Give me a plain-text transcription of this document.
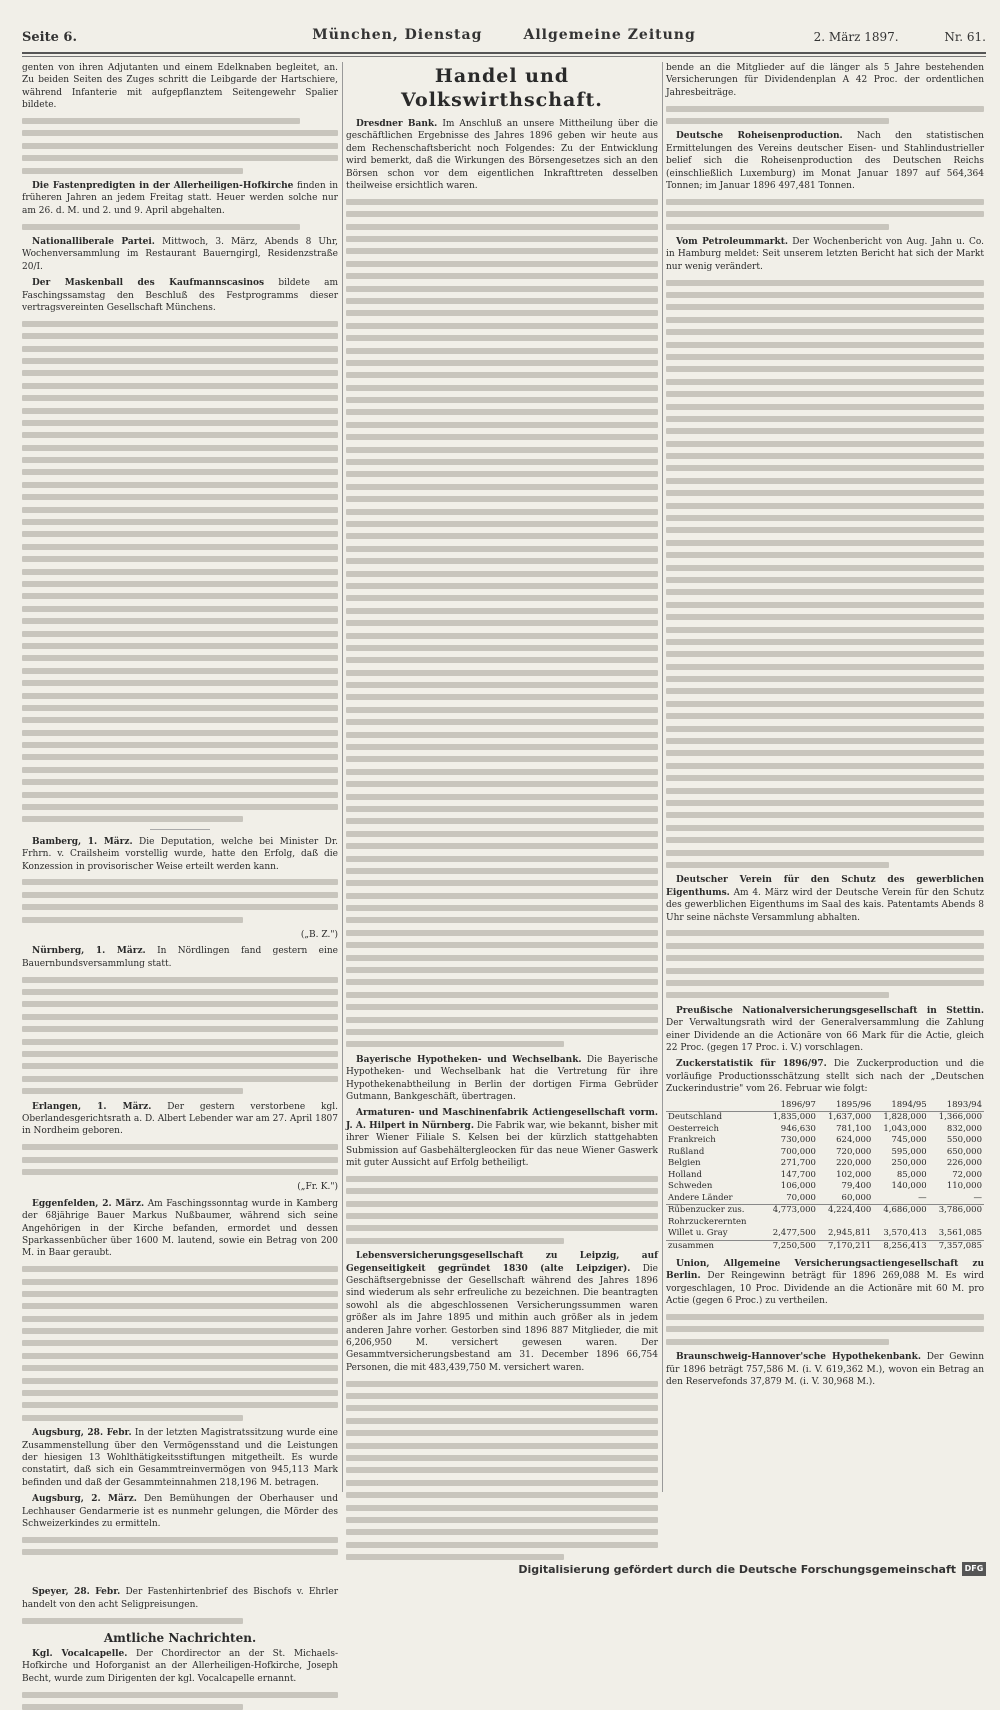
Seite 6.	München, Dienstag	Allgemeine Zeitung	2. März 1897.	Nr. 61.

genten von ihren Adjutanten und einem Edelknaben begleitet, an. Zu beiden Seiten des Zuges schritt die Leibgarde der Hartschiere, während Infanterie mit aufgepflanztem Seitengewehr Spalier bildete.

Die Fastenpredigten in der Allerheiligen-Hofkirche finden in früheren Jahren an jedem Freitag statt. Heuer werden solche nur am 26. d. M. und 2. und 9. April abgehalten.

Nationalliberale Partei. Mittwoch, 3. März, Abends 8 Uhr, Wochenversammlung im Restaurant Bauerngirgl, Residenzstraße 20/I.

Der Maskenball des Kaufmannscasinos bildete am Faschingssamstag den Beschluß des Festprogramms dieser vertragsvereinten Gesellschaft Münchens.

Bamberg, 1. März. Die Deputation, welche bei Minister Dr. Frhrn. v. Crailsheim vorstellig wurde, hatte den Erfolg, daß die Konzession in provisorischer Weise erteilt werden kann.

(„B. Z.")

Nürnberg, 1. März. In Nördlingen fand gestern eine Bauernbundsversammlung statt.

Erlangen, 1. März. Der gestern verstorbene kgl. Oberlandesgerichtsrath a. D. Albert Lebender war am 27. April 1807 in Nordheim geboren.

(„Fr. K.")

Eggenfelden, 2. März. Am Faschingssonntag wurde in Kamberg der 68jährige Bauer Markus Nußbaumer, während sich seine Angehörigen in der Kirche befanden, ermordet und dessen Sparkassenbücher über 1600 M. lautend, sowie ein Betrag von 200 M. in Baar geraubt.

Augsburg, 28. Febr. In der letzten Magistratssitzung wurde eine Zusammenstellung über den Vermögensstand und die Leistungen der hiesigen 13 Wohlthätigkeitsstiftungen mitgetheilt. Es wurde constatirt, daß sich ein Gesammtreinvermögen von 945,113 Mark befinden und daß der Gesammteinnahmen 218,196 M. betragen.

Augsburg, 2. März. Den Bemühungen der Oberhauser und Lechhauser Gendarmerie ist es nunmehr gelungen, die Mörder des Schweizerkindes zu ermitteln.

Speyer, 28. Febr. Der Fastenhirtenbrief des Bischofs v. Ehrler handelt von den acht Seligpreisungen.

Amtliche Nachrichten.

Kgl. Vocalcapelle. Der Chordirector an der St. Michaels-Hofkirche und Hoforganist an der Allerheiligen-Hofkirche, Joseph Becht, wurde zum Dirigenten der kgl. Vocalcapelle ernannt.

Handel und Volkswirthschaft.

Dresdner Bank. Im Anschluß an unsere Mittheilung über die geschäftlichen Ergebnisse des Jahres 1896 geben wir heute aus dem Rechenschaftsbericht noch Folgendes: Zu der Entwicklung wird bemerkt, daß die Wirkungen des Börsengesetzes sich an den Börsen schon vor dem eigentlichen Inkrafttreten desselben theilweise ersichtlich waren.

Bayerische Hypotheken- und Wechselbank. Die Bayerische Hypotheken- und Wechselbank hat die Vertretung für ihre Hypothekenabtheilung in Berlin der dortigen Firma Gebrüder Gutmann, Bankgeschäft, übertragen.

Armaturen- und Maschinenfabrik Actiengesellschaft vorm. J. A. Hilpert in Nürnberg. Die Fabrik war, wie bekannt, bisher mit ihrer Wiener Filiale S. Kelsen bei der kürzlich stattgehabten Submission auf Gasbehältergleocken für das neue Wiener Gaswerk mit guter Aussicht auf Erfolg betheiligt.

Lebensversicherungsgesellschaft zu Leipzig, auf Gegenseitigkeit gegründet 1830 (alte Leipziger). Die Geschäftsergebnisse der Gesellschaft während des Jahres 1896 sind wiederum als sehr erfreuliche zu bezeichnen. Die beantragten sowohl als die abgeschlossenen Versicherungssummen waren größer als im Jahre 1895 und mithin auch größer als in jedem anderen Jahre vorher. Gestorben sind 1896 887 Mitglieder, die mit 6,206,950 M. versichert gewesen waren. Der Gesammtversicherungsbestand am 31. December 1896 66,754 Personen, die mit 483,439,750 M. versichert waren.

bende an die Mitglieder auf die länger als 5 Jahre bestehenden Versicherungen für Dividendenplan A 42 Proc. der ordentlichen Jahresbeiträge.

Deutsche Roheisenproduction. Nach den statistischen Ermittelungen des Vereins deutscher Eisen- und Stahlindustrieller belief sich die Roheisenproduction des Deutschen Reichs (einschließlich Luxemburg) im Monat Januar 1897 auf 564,364 Tonnen; im Januar 1896 497,481 Tonnen.

Vom Petroleummarkt. Der Wochenbericht von Aug. Jahn u. Co. in Hamburg meldet: Seit unserem letzten Bericht hat sich der Markt nur wenig verändert.

Deutscher Verein für den Schutz des gewerblichen Eigenthums. Am 4. März wird der Deutsche Verein für den Schutz des gewerblichen Eigenthums im Saal des kais. Patentamts Abends 8 Uhr seine nächste Versammlung abhalten.

Preußische Nationalversicherungsgesellschaft in Stettin. Der Verwaltungsrath wird der Generalversammlung die Zahlung einer Dividende an die Actionäre von 66 Mark für die Actie, gleich 22 Proc. (gegen 17 Proc. i. V.) vorschlagen.

Zuckerstatistik für 1896/97. Die Zuckerproduction und die vorläufige Productionsschätzung stellt sich nach der „Deutschen Zuckerindustrie" vom 26. Februar wie folgt:

	1896/97	1895/96	1894/95	1893/94
Deutschland	1,835,000	1,637,000	1,828,000	1,366,000
Oesterreich	946,630	781,100	1,043,000	832,000
Frankreich	730,000	624,000	745,000	550,000
Rußland	700,000	720,000	595,000	650,000
Belgien	271,700	220,000	250,000	226,000
Holland	147,700	102,000	85,000	72,000
Schweden	106,000	79,400	140,000	110,000
Andere Länder	70,000	60,000	—	—
Rübenzucker zus.	4,773,000	4,224,400	4,686,000	3,786,000
Rohrzuckerernten				
Willet u. Gray	2,477,500	2,945,811	3,570,413	3,561,085
zusammen	7,250,500	7,170,211	8,256,413	7,357,085

Union, Allgemeine Versicherungsactiengesellschaft zu Berlin. Der Reingewinn beträgt für 1896 269,088 M. Es wird vorgeschlagen, 10 Proc. Dividende an die Actionäre mit 60 M. pro Actie (gegen 6 Proc.) zu vertheilen.

Braunschweig-Hannover'sche Hypothekenbank. Der Gewinn für 1896 beträgt 757,586 M. (i. V. 619,362 M.), wovon ein Betrag an den Reservefonds 37,879 M. (i. V. 30,968 M.).

Digitalisierung gefördert durch die Deutsche Forschungsgemeinschaft	DFG
